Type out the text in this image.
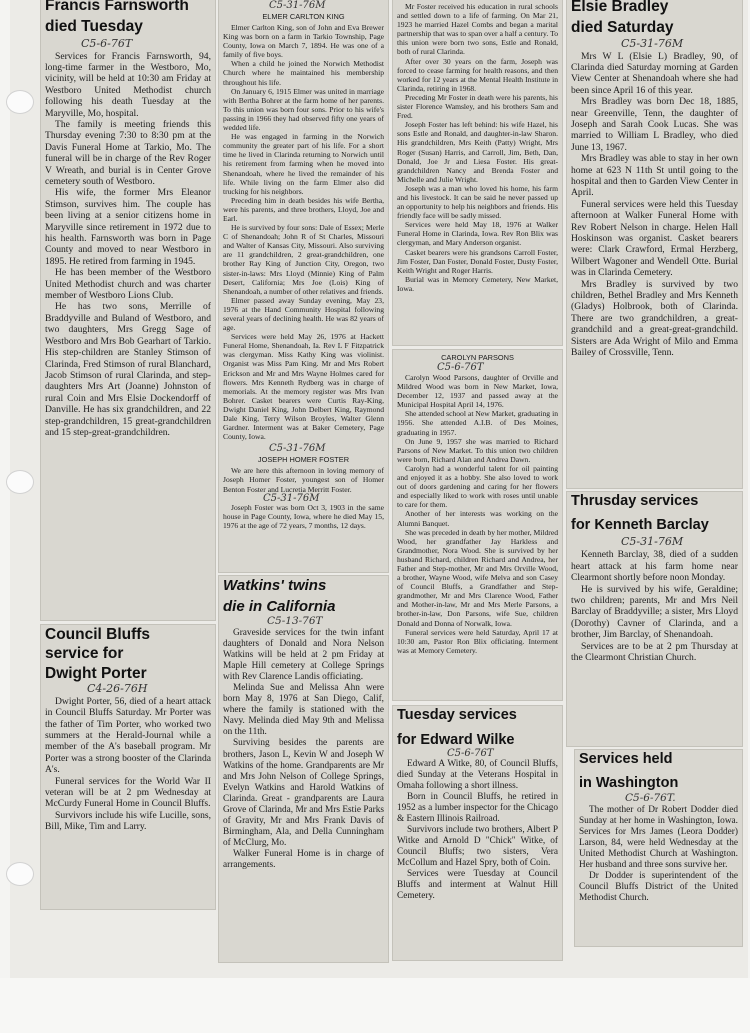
Francis Farnsworth
died Tuesday
C5-6-76T

Services for Francis Farnsworth, 94, long-time farmer in the Westboro, Mo, vicinity, will be held at 10:30 am Friday at Westboro United Methodist church following his death Tuesday at the Maryville, Mo, hospital.

The family is meeting friends this Thursday evening 7:30 to 8:30 pm at the Davis Funeral Home at Tarkio, Mo. The funeral will be in charge of the Rev Roger V Wreath, and burial is in Center Grove cemetery south of Westboro.

His wife, the former Mrs Eleanor Stimson, survives him. The couple has been living at a senior citizens home in Maryville since retirement in 1972 due to his health. Farnsworth was born in Page County and moved to near Westboro in 1895. He retired from farming in 1945.

He has been member of the Westboro United Methodist church and was charter member of Westboro Lions Club.

He has two sons, Merrille of Braddyville and Buland of Westboro, and two daughters, Mrs Gregg Sage of Westboro and Mrs Bob Gearhart of Tarkio. His step-children are Stanley Stimson of Clarinda, Fred Stimson of rural Blanchard, Jacob Stimson of rural Clarinda, and step-daughters Mrs Art (Joanne) Johnston of rural Coin and Mrs Elsie Dockendorff of Danville. He has six grandchildren, and 22 step-grandchildren, 15 great-grandchildren and 15 step-great-grandchildren.

Council Bluffs
service for
Dwight Porter
C4-26-76H

Dwight Porter, 56, died of a heart attack in Council Bluffs Saturday. Mr Porter was the father of Tim Porter, who worked two summers at the Herald-Journal while a member of the A's baseball program. Mr Porter was a strong booster of the Clarinda A's.

Funeral services for the World War II veteran will be at 2 pm Wednesday at McCurdy Funeral Home in Council Bluffs.

Survivors include his wife Lucille, sons, Bill, Mike, Tim and Larry.

C5-31-76M
ELMER CARLTON KING

Elmer Carlton King, son of John and Eva Brewer King was born on a farm in Tarkio Township, Page County, Iowa on March 7, 1894. He was one of a family of five boys.

When a child he joined the Norwich Methodist Church where he maintained his membership throughout his life.

On January 6, 1915 Elmer was united in marriage with Bertha Bohrer at the farm home of her parents. To this union was born four sons. Prior to his wife's passing in 1966 they had observed fifty one years of wedded life.

He was engaged in farming in the Norwich community the greater part of his life. For a short time he lived in Clarinda returning to Norwich until his retirement from farming when he moved into Shenandoah, where he lived the remainder of his life. While living on the farm Elmer also did trucking for his neighbors.

Preceding him in death besides his wife Bertha, were his parents, and three brothers, Lloyd, Joe and Earl.

He is survived by four sons: Dale of Essex; Merle C of Shenandoah; John R of St Charles, Missouri and Walter of Kansas City, Missouri. Also surviving are 11 grandchildren, 2 great-grandchildren, one brother Ray King of Junction City, Oregon, two sister-in-laws: Mrs Lloyd (Minnie) King of Palm Desert, California; Mrs Joe (Lois) King of Shenandoah, a number of other relatives and friends.

Elmer passed away Sunday evening, May 23, 1976 at the Hand Community Hospital following several years of declining health. He was 82 years of age.

Services were held May 26, 1976 at Hackett Funeral Home, Shenandoah, Ia. Rev L F Fitzpatrick was clergyman. Miss Kathy King was violinist. Organist was Miss Pam King. Mr and Mrs Robert Erickson and Mr and Mrs Wayne Holmes cared for flowers. Mrs Kenneth Rydberg was in charge of memorials. At the memory register was Mrs Ivan Bohrer. Casket bearers were Curtis Ray-King, Dwight Daniel King, John Delbert King, Raymond Dale King, Terry Wilson Broyles, Walter Glenn Gardner. Interment was at Baker Cemetery, Page County, Iowa.

C5-31-76M
JOSEPH HOMER FOSTER

We are here this afternoon in loving memory of Joseph Homer Foster, youngest son of Homer Benton Foster and Lucretia Merritt Foster.

C5-31-76M

Joseph Foster was born Oct 3, 1903 in the same house in Page County, Iowa, where he died May 15, 1976 at the age of 72 years, 7 months, 12 days.

Watkins' twins
die in California
C5-13-76T

Graveside services for the twin infant daughters of Donald and Nora Nelson Watkins will be held at 2 pm Friday at Maple Hill cemetery at College Springs with Rev Clarence Landis officiating.

Melinda Sue and Melissa Ahn were born May 8, 1976 at San Diego, Calif, where the family is stationed with the Navy. Melinda died May 9th and Melissa on the 11th.

Surviving besides the parents are brothers, Jason L, Kevin W and Joseph W Watkins of the home. Grandparents are Mr and Mrs John Nelson of College Springs, Evelyn Watkins and Harold Watkins of Clarinda. Great - grandparents are Laura Grove of Clarinda, Mr and Mrs Estie Parks of Gravity, Mr and Mrs Frank Davis of Birmingham, Ala, and Della Cunningham of McClurg, Mo.

Walker Funeral Home is in charge of arrangements.

Mr Foster received his education in rural schools and settled down to a life of farming. On Mar 21, 1923 he married Hazel Combs and began a marital partnership that was to span over a half a century. To this union were born two sons, Estle and Ronald, both of rural Clarinda.

After over 30 years on the farm, Joseph was forced to cease farming for health reasons, and then worked for 12 years at the Mental Health Institute in Clarinda, retiring in 1968.

Preceding Mr Foster in death were his parents, his sister Florence Wamsley, and his brothers Sam and Fred.

Joseph Foster has left behind: his wife Hazel, his sons Estle and Ronald, and daughter-in-law Sharon. His grandchildren, Mrs Keith (Patty) Wright, Mrs Roger (Susan) Harris, and Carroll, Jim, Beth, Dan, Donald, Joe Jr and Liesa Foster. His great-grandchildren Nancy and Brenda Foster and Michelle and Julie Wright.

Joseph was a man who loved his home, his farm and his livestock. It can be said he never passed up an opportunity to help his neighbors and friends. His friendly face will be sadly missed.

Services were held May 18, 1976 at Walker Funeral Home in Clarinda, Iowa. Rev Ron Blix was clergyman, and Mary Anderson organist.

Casket bearers were his grandsons Carroll Foster, Jim Foster, Dan Foster, Donald Foster, Dusty Foster, Keith Wright and Roger Harris.

Burial was in Memory Cemetery, New Market, Iowa.

CAROLYN PARSONS
C5-6-76T

Carolyn Wood Parsons, daughter of Orville and Mildred Wood was born in New Market, Iowa, December 12, 1937 and passed away at the Municipal Hospital April 14, 1976.

She attended school at New Market, graduating in 1956. She attended A.I.B. of Des Moines, graduating in 1957.

On June 9, 1957 she was married to Richard Parsons of New Market. To this union two children were born, Richard Alan and Andrea Dawn.

Carolyn had a wonderful talent for oil painting and enjoyed it as a hobby. She also loved to work out of doors gardening and caring for her flowers and especially liked to work with roses until unable to care for them.

Another of her interests was working on the Alumni Banquet.

She was preceded in death by her mother, Mildred Wood, her grandfather Jay Harkless and Grandmother, Nora Wood. She is survived by her husband Richard, children Richard and Andrea, her Father and Step-mother, Mr and Mrs Orville Wood, a brother, Wayne Wood, wife Melva and son Casey of Council Bluffs, a Grandfather and Step-grandmother, Mr and Mrs Clarence Wood, Father and Mother-in-law, Mr and Mrs Merle Parsons, a brother-in-law, Don Parsons, wife Sue, children Donald and Donna of Norwalk, Iowa.

Funeral services were held Saturday, April 17 at 10:30 am, Pastor Ron Blix officiating. Interment was at Memory Cemetery.

Tuesday services
for Edward Wilke
C5-6-76T

Edward A Witke, 80, of Council Bluffs, died Sunday at the Veterans Hospital in Omaha following a short illness.

Born in Council Bluffs, he retired in 1952 as a lumber inspector for the Chicago & Eastern Illinois Railroad.

Survivors include two brothers, Albert P Witke and Arnold D "Chick" Witke, of Council Bluffs; two sisters, Vera McCollum and Hazel Spry, both of Coin.

Services were Tuesday at Council Bluffs and interment at Walnut Hill Cemetery.

Elsie Bradley
died Saturday
C5-31-76M

Mrs W L (Elsie L) Bradley, 90, of Clarinda died Saturday morning at Garden View Center at Shenandoah where she had been since April 16 of this year.

Mrs Bradley was born Dec 18, 1885, near Greenville, Tenn, the daughter of Joseph and Sarah Cook Lucas. She was married to William L Bradley, who died June 13, 1967.

Mrs Bradley was able to stay in her own home at 623 N 11th St until going to the hospital and then to Garden View Center in April.

Funeral services were held this Tuesday afternoon at Walker Funeral Home with Rev Robert Nelson in charge. Helen Hall Hoskinson was organist. Casket bearers were: Clark Crawford, Ermal Herzberg, Wilbert Wagoner and Wendell Otte. Burial was in Clarinda Cemetery.

Mrs Bradley is survived by two children, Bethel Bradley and Mrs Kenneth (Gladys) Holbrook, both of Clarinda. There are two grandchildren, a great-grandchild and a great-great-grandchild. Sisters are Ada Wright of Milo and Emma Bailey of Crossville, Tenn.

Thrusday services
for Kenneth Barclay
C5-31-76M

Kenneth Barclay, 38, died of a sudden heart attack at his farm home near Clearmont shortly before noon Monday.

He is survived by his wife, Geraldine; two children; parents, Mr and Mrs Neil Barclay of Braddyville; a sister, Mrs Lloyd (Dorothy) Cavner of Clarinda, and a brother, Jim Barclay, of Shenandoah.

Services are to be at 2 pm Thursday at the Clearmont Christian Church.

Services held
in Washington
C5-6-76T.

The mother of Dr Robert Dodder died Sunday at her home in Washington, Iowa. Services for Mrs James (Leora Dodder) Larson, 84, were held Wednesday at the United Methodist Church at Washington. Her husband and three sons survive her.

Dr Dodder is superintendent of the Council Bluffs District of the United Methodist Church.
